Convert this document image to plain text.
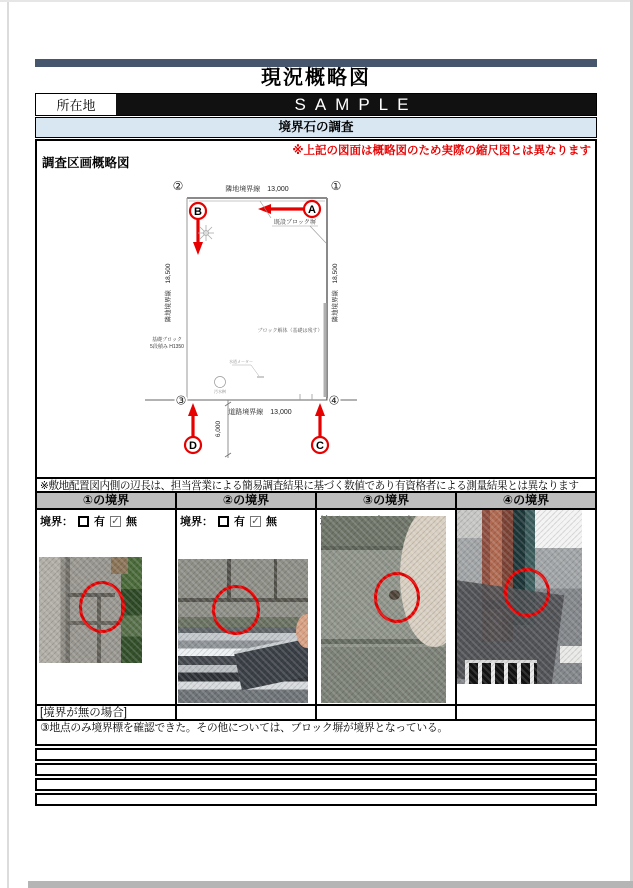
現況概略図
所在地	SAMPLE
境界石の調査
※上記の図面は概略図のため実際の縮尺図とは異なります
調査区画概略図
隣地境界線　13,000
隣地境界線　18,500	隣地境界線　18,500
道路境界線　13,000
6,000
①
②
③	④
A
既設ブロック塀
B
基礎ブロック
5段積み H1350
ブロック解体（基礎は残す）
水道メーター
汚水桝
D	C
※敷地配置図内側の辺長は、担当営業による簡易調査結果に基づく数値であり有資格者による測量結果とは異なります
①の境界	②の境界	③の境界	④の境界
境界： 有 ✓ 無	境界： 有 ✓ 無
[境界が無の場合]
③地点のみ境界標を確認できた。その他については、ブロック塀が境界となっている。
